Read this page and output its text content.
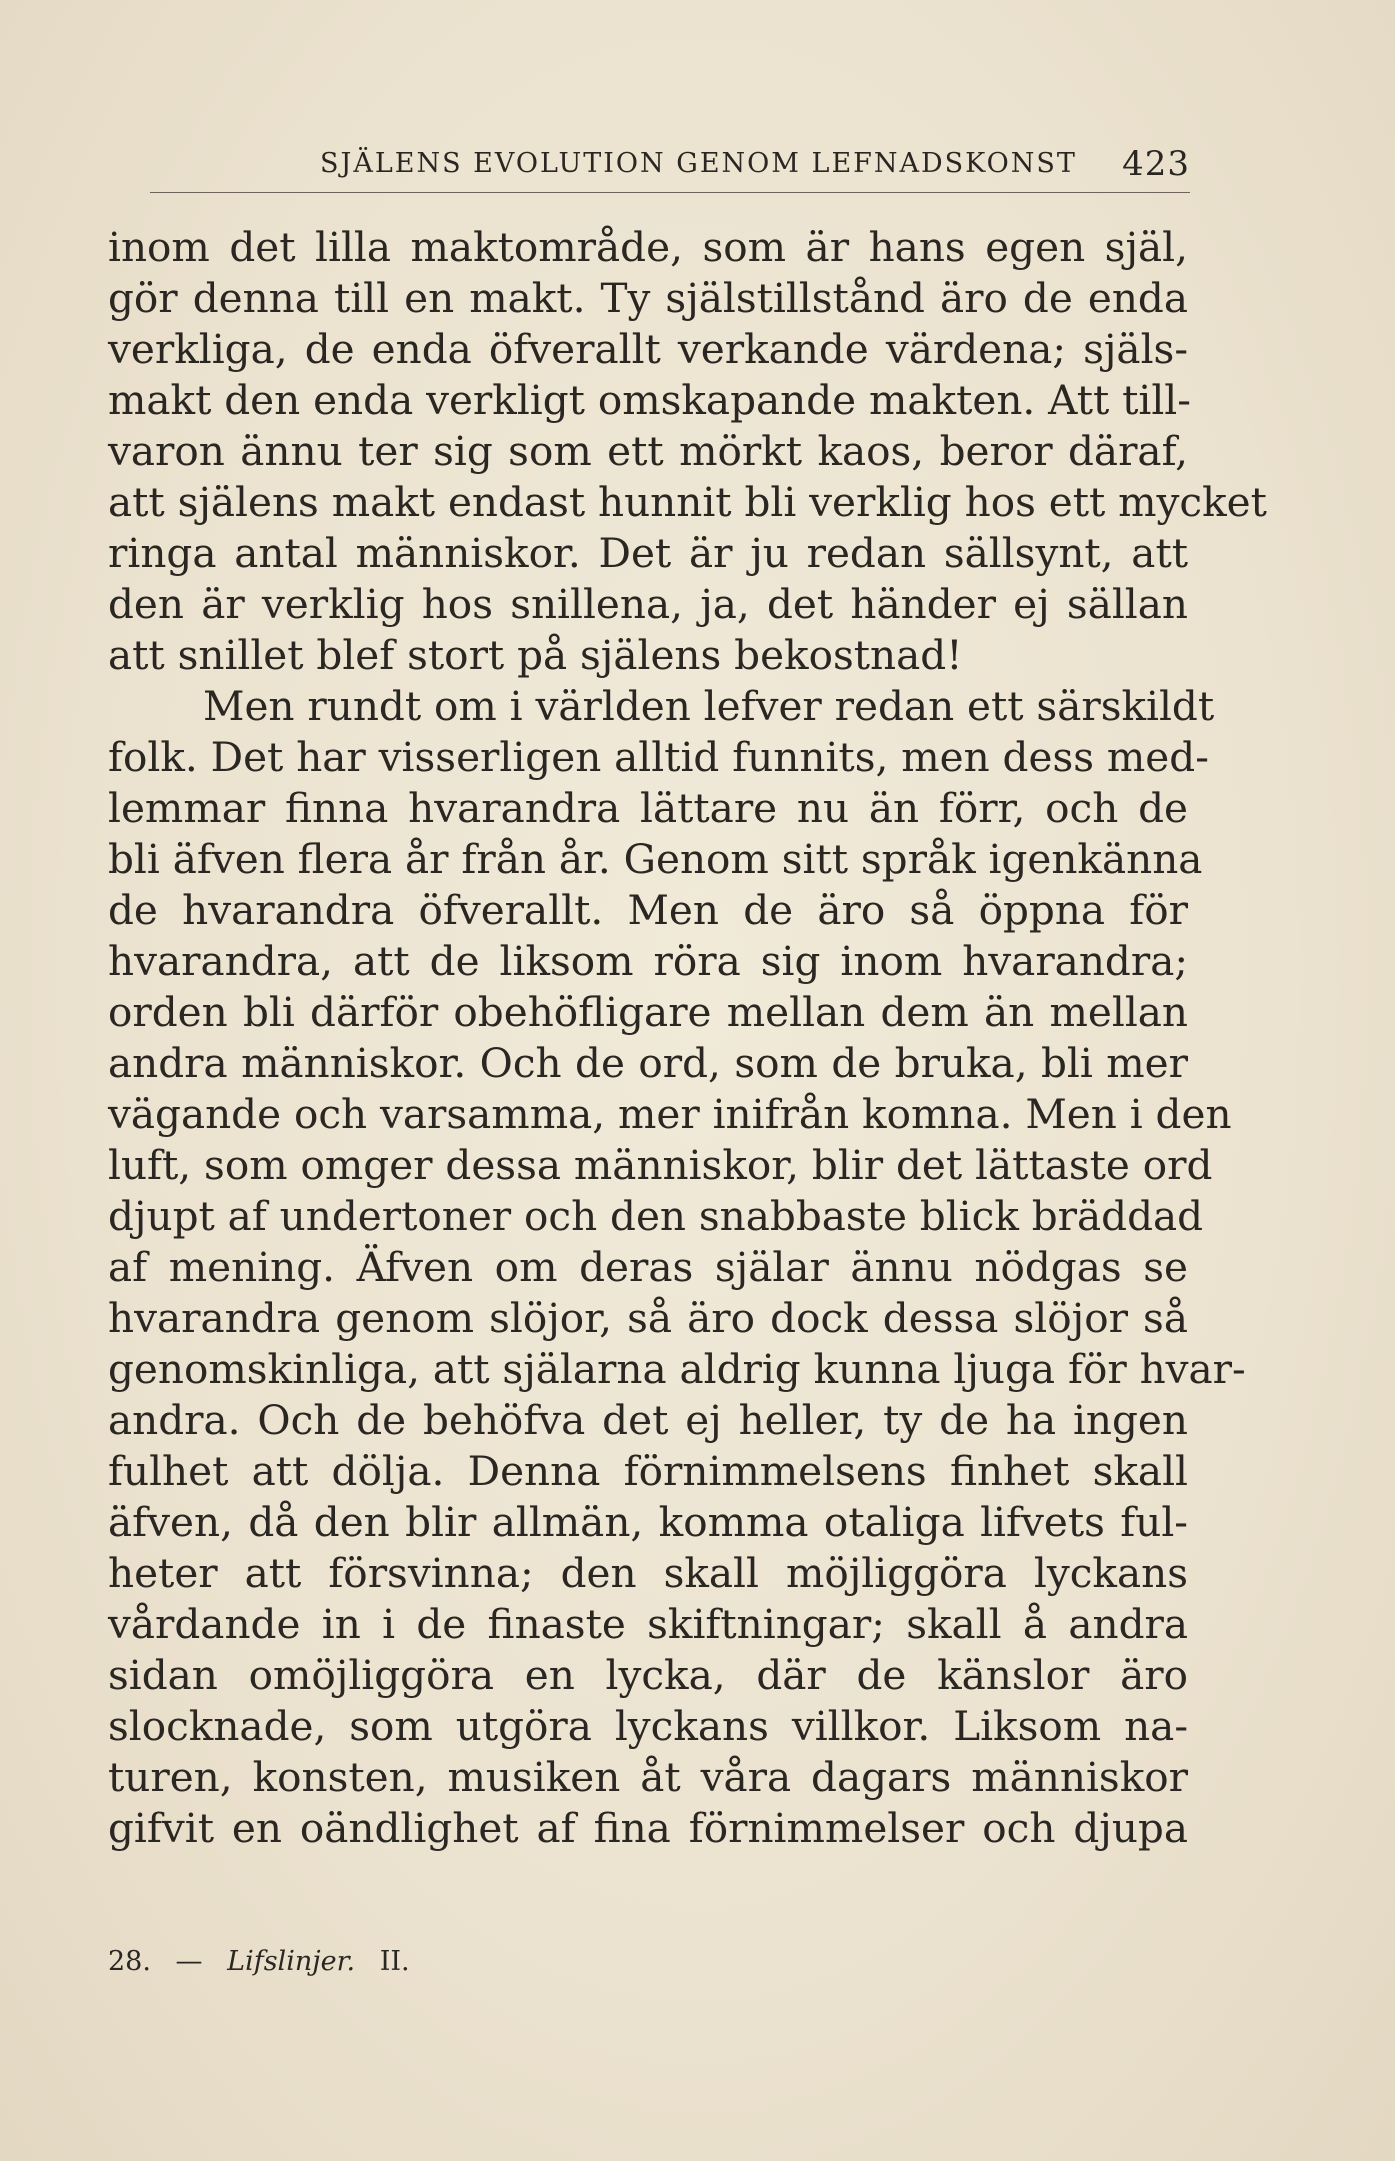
SJÄLENS EVOLUTION GENOM LEFNADSKONST 423
inom det lilla maktområde, som är hans egen själ,
gör denna till en makt. Ty själstillstånd äro de enda
verkliga, de enda öfverallt verkande värdena; själs-
makt den enda verkligt omskapande makten. Att till-
varon ännu ter sig som ett mörkt kaos, beror däraf,
att själens makt endast hunnit bli verklig hos ett mycket
ringa antal människor. Det är ju redan sällsynt, att
den är verklig hos snillena, ja, det händer ej sällan
att snillet blef stort på själens bekostnad!
Men rundt om i världen lefver redan ett särskildt
folk. Det har visserligen alltid funnits, men dess med-
lemmar finna hvarandra lättare nu än förr, och de
bli äfven flera år från år. Genom sitt språk igenkänna
de hvarandra öfverallt. Men de äro så öppna för
hvarandra, att de liksom röra sig inom hvarandra;
orden bli därför obehöfligare mellan dem än mellan
andra människor. Och de ord, som de bruka, bli mer
vägande och varsamma, mer inifrån komna. Men i den
luft, som omger dessa människor, blir det lättaste ord
djupt af undertoner och den snabbaste blick bräddad
af mening. Äfven om deras själar ännu nödgas se
hvarandra genom slöjor, så äro dock dessa slöjor så
genomskinliga, att själarna aldrig kunna ljuga för hvar-
andra. Och de behöfva det ej heller, ty de ha ingen
fulhet att dölja. Denna förnimmelsens finhet skall
äfven, då den blir allmän, komma otaliga lifvets ful-
heter att försvinna; den skall möjliggöra lyckans
vårdande in i de finaste skiftningar; skall å andra
sidan omöjliggöra en lycka, där de känslor äro
slocknade, som utgöra lyckans villkor. Liksom na-
turen, konsten, musiken åt våra dagars människor
gifvit en oändlighet af fina förnimmelser och djupa
28. — Lifslinjer. II.
